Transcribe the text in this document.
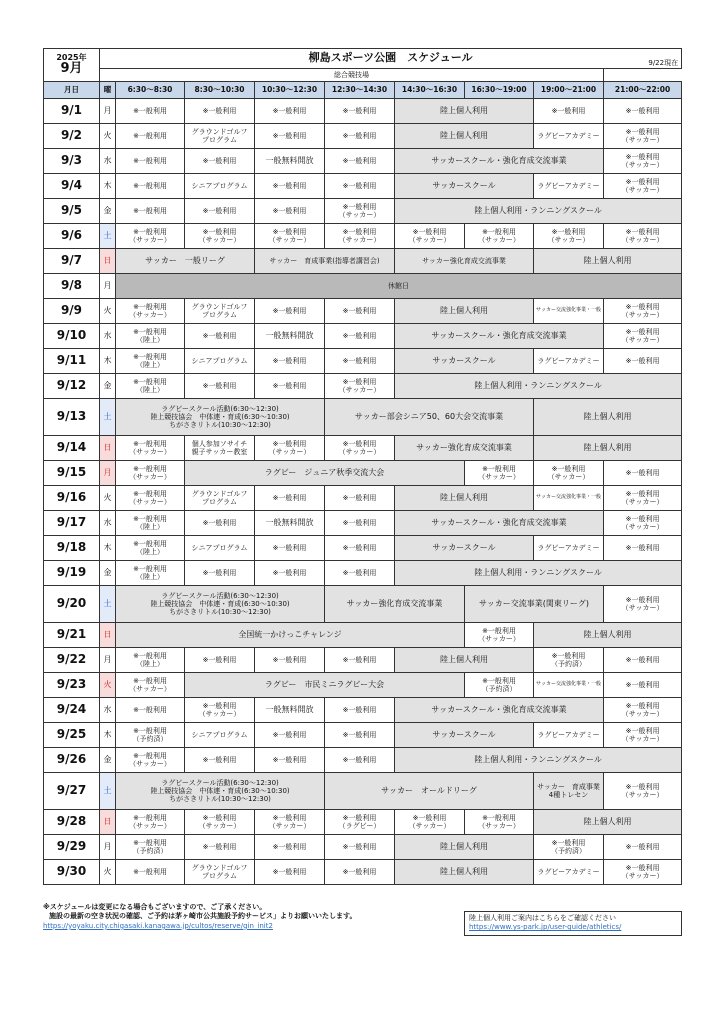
2025年
9月	柳島スポーツ公園　スケジュール 9/22現在								

	総合競技場								
月日	曜	6:30～8:30	8:30～10:30	10:30～12:30	12:30～14:30	14:30～16:30	16:30～19:00	19:00～21:00	21:00～22:00
9/1	月	※一般利用	※一般利用	※一般利用	※一般利用	陸上個人利用		※一般利用	※一般利用
9/2	火	※一般利用	グラウンドゴルフ
プログラム	※一般利用	※一般利用	陸上個人利用		ラグビーアカデミー	※一般利用
（サッカー）
9/3	水	※一般利用	※一般利用	一般無料開放	※一般利用	サッカースクール・強化育成交流事業			※一般利用
（サッカー）
9/4	木	※一般利用	シニアプログラム	※一般利用	※一般利用	サッカースクール		ラグビーアカデミー	※一般利用
（サッカー）
9/5	金	※一般利用	※一般利用	※一般利用	※一般利用
（サッカー）	陸上個人利用・ランニングスクール			
9/6	土	※一般利用
（サッカー）	※一般利用
（サッカー）	※一般利用
（サッカー）	※一般利用
（サッカー）	※一般利用
（サッカー）	※一般利用
（サッカー）	※一般利用
（サッカー）	※一般利用
（サッカー）
9/7	日	サッカー　一般リーグ		サッカー　育成事業(指導者講習会)		サッカー強化育成交流事業		陸上個人利用	
9/8	月	休館日							
9/9	火	※一般利用
（サッカー）	グラウンドゴルフ
プログラム	※一般利用	※一般利用	陸上個人利用		サッカー交流強化事業・一般	※一般利用
（サッカー）
9/10	水	※一般利用
（陸上）	※一般利用	一般無料開放	※一般利用	サッカースクール・強化育成交流事業			※一般利用
（サッカー）
9/11	木	※一般利用
（陸上）	シニアプログラム	※一般利用	※一般利用	サッカースクール		ラグビーアカデミー	※一般利用
9/12	金	※一般利用
（陸上）	※一般利用	※一般利用	※一般利用
（サッカー）	陸上個人利用・ランニングスクール			
9/13	土	ラグビースクール活動(6:30～12:30)
陸上競技協会　中体連・育成(6:30～10:30)
ちがさきリトル(10:30～12:30)			サッカー部会シニア50、60大会交流事業			陸上個人利用	
9/14	日	※一般利用
（サッカー）	個人参加ソサイチ
親子サッカー教室	※一般利用
（サッカー）	※一般利用
（サッカー）	サッカー強化育成交流事業		陸上個人利用	
9/15	月	※一般利用
（サッカー）	ラグビー　ジュニア秋季交流大会				※一般利用
（サッカー）	※一般利用
（サッカー）	※一般利用
9/16	火	※一般利用
（サッカー）	グラウンドゴルフ
プログラム	※一般利用	※一般利用	陸上個人利用		サッカー交流強化事業・一般	※一般利用
（サッカー）
9/17	水	※一般利用
（陸上）	※一般利用	一般無料開放	※一般利用	サッカースクール・強化育成交流事業			※一般利用
（サッカー）
9/18	木	※一般利用
（陸上）	シニアプログラム	※一般利用	※一般利用	サッカースクール		ラグビーアカデミー	※一般利用
9/19	金	※一般利用
（陸上）	※一般利用	※一般利用	※一般利用	陸上個人利用・ランニングスクール			
9/20	土	ラグビースクール活動(6:30～12:30)
陸上競技協会　中体連・育成(6:30～10:30)
ちがさきリトル(10:30～12:30)			サッカー強化育成交流事業		サッカー交流事業(関東リーグ)		※一般利用
（サッカー）
9/21	日	全国統一かけっこチャレンジ					※一般利用
（サッカー）	陸上個人利用	
9/22	月	※一般利用
（陸上）	※一般利用	※一般利用	※一般利用	陸上個人利用		※一般利用
（予約済）	※一般利用
9/23	火	※一般利用
（サッカー）	ラグビー　市民ミニラグビー大会				※一般利用
（予約済）	サッカー交流強化事業・一般	※一般利用
9/24	水	※一般利用	※一般利用
（サッカー）	一般無料開放	※一般利用	サッカースクール・強化育成交流事業			※一般利用
（サッカー）
9/25	木	※一般利用
（予約済）	シニアプログラム	※一般利用	※一般利用	サッカースクール		ラグビーアカデミー	※一般利用
（サッカー）
9/26	金	※一般利用
（サッカー）	※一般利用	※一般利用	※一般利用	陸上個人利用・ランニングスクール			
9/27	土	ラグビースクール活動(6:30～12:30)
陸上競技協会　中体連・育成(6:30～10:30)
ちがさきリトル(10:30～12:30)			サッカー　オールドリーグ			サッカー　育成事業
4種トレセン	※一般利用
（サッカー）
9/28	日	※一般利用
（サッカー）	※一般利用
（サッカー）	※一般利用
（サッカー）	※一般利用
（ラグビー）	※一般利用
（サッカー）	※一般利用
（サッカー）	陸上個人利用	
9/29	月	※一般利用
（予約済）	※一般利用	※一般利用	※一般利用	陸上個人利用		※一般利用
（予約済）	※一般利用
9/30	火	※一般利用	グラウンドゴルフ
プログラム	※一般利用	※一般利用	陸上個人利用		ラグビーアカデミー	※一般利用
（サッカー）
※スケジュールは変更になる場合もございますので、ご了承ください。
施設の最新の空き状況の確認、ご予約は茅ヶ崎市公共施設予約サービス」よりお願いいたします。
https://yoyaku.city.chigasaki.kanagawa.jp/cultos/reserve/gin_init2
陸上個人利用ご案内はこちらをご確認ください
https://www.ys-park.jp/user-guide/athletics/
